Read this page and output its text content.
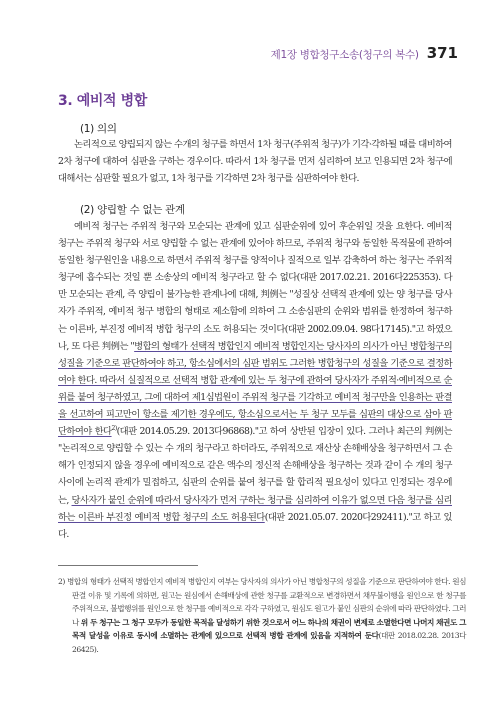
제1장 병합청구소송(청구의 복수) 371
3. 예비적 병합
(1) 의의

논리적으로 양립되지 않는 수개의 청구를 하면서 1차 청구(주위적 청구)가 기각·각하될 때를 대비하여 2차 청구에 대하여 심판을 구하는 경우이다. 따라서 1차 청구를 먼저 심리하여 보고 인용되면 2차 청구에 대해서는 심판할 필요가 없고, 1차 청구를 기각하면 2차 청구를 심판하여야 한다.

(2) 양립할 수 없는 관계

예비적 청구는 주위적 청구와 모순되는 관계에 있고 심판순위에 있어 후순위일 것을 요한다. 예비적 청구는 주위적 청구와 서로 양립할 수 없는 관계에 있어야 하므로, 주위적 청구와 동일한 목적물에 관하여 동일한 청구원인을 내용으로 하면서 주위적 청구를 양적이나 질적으로 일부 감축하여 하는 청구는 주위적 청구에 흡수되는 것일 뿐 소송상의 예비적 청구라고 할 수 없다(대판 2017.02.21. 2016다225353). 다만 모순되는 관계, 즉 양립이 불가능한 관계나에 대해, 判例는 "성질상 선택적 관계에 있는 양 청구를 당사자가 주위적, 예비적 청구 병합의 형태로 제소함에 의하여 그 소송심판의 순위와 범위를 한정하여 청구하는 이른바, 부진정 예비적 병합 청구의 소도 허용되는 것이다(대판 2002.09.04. 98다17145)."고 하였으나, 또 다른 判例는 "병합의 형태가 선택적 병합인지 예비적 병합인지는 당사자의 의사가 아닌 병합청구의 성질을 기준으로 판단하여야 하고, 항소심에서의 심판 범위도 그러한 병합청구의 성질을 기준으로 결정하여야 한다. 따라서 실질적으로 선택적 병합 관계에 있는 두 청구에 관하여 당사자가 주위적·예비적으로 순위를 붙여 청구하였고, 그에 대하여 제1심법원이 주위적 청구를 기각하고 예비적 청구만을 인용하는 판결을 선고하여 피고만이 항소를 제기한 경우에도, 항소심으로서는 두 청구 모두를 심판의 대상으로 삼아 판단하여야 한다$^{2)}$(대판 2014.05.29. 2013다96868)."고 하여 상반된 입장이 있다. 그러나 최근의 判例는 "논리적으로 양립할 수 있는 수 개의 청구라고 하더라도, 주위적으로 재산상 손해배상을 청구하면서 그 손해가 인정되지 않을 경우에 예비적으로 같은 액수의 정신적 손해배상을 청구하는 것과 같이 수 개의 청구 사이에 논리적 관계가 밀접하고, 심판의 순위를 붙여 청구를 할 합리적 필요성이 있다고 인정되는 경우에는, 당사자가 붙인 순위에 따라서 당사자가 먼저 구하는 청구를 심리하여 이유가 없으면 다음 청구를 심리하는 이른바 부진정 예비적 병합 청구의 소도 허용된다(대판 2021.05.07. 2020다292411)."고 하고 있다.

2) 병합의 형태가 선택적 병합인지 예비적 병합인지 여부는 당사자의 의사가 아닌 병합청구의 성질을 기준으로 판단하여야 한다. 원심판결 이유 및 기록에 의하면, 원고는 원심에서 손해배상에 관한 청구를 교환적으로 변경하면서 채무불이행을 원인으로 한 청구를 주위적으로, 불법행위를 원인으로 한 청구를 예비적으로 각각 구하였고, 원심도 원고가 붙인 심판의 순위에 따라 판단하였다. 그러나 위 두 청구는 그 청구 모두가 동일한 목적을 달성하기 위한 것으로서 어느 하나의 채권이 변제로 소멸한다면 나머지 채권도 그 목적 달성을 이유로 동시에 소멸하는 관계에 있으므로 선택적 병합 관계에 있음을 지적하여 둔다(대판 2018.02.28. 2013다26425).
